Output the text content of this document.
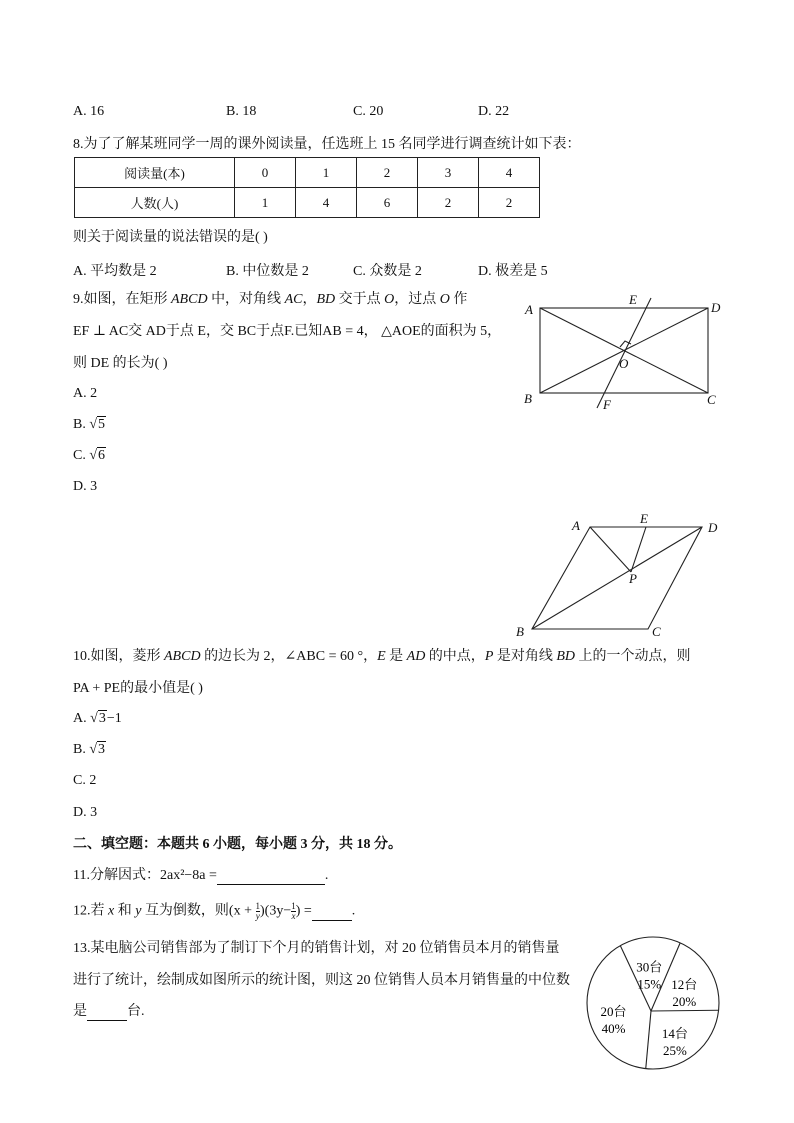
A. 16	B. 18	C. 20	D. 22
8.为了了解某班同学一周的课外阅读量，任选班上 15 名同学进行调查统计如下表：
阅读量(本)	0	1	2	3	4
人数(人)	1	4	6	2	2
则关于阅读量的说法错误的是( )
A. 平均数是 2	B. 中位数是 2	C. 众数是 2	D. 极差是 5
9.如图，在矩形 ABCD 中，对角线 AC，BD 交于点 O，过点 O 作
EF ⊥ AC交 AD于点 E，交 BC于点F.已知AB = 4， △AOE的面积为 5，
则 DE 的长为( )
A. 2
B. √5
C. √6
D. 3
A
E
D
O
B	F	C
A	E
D
P
B	C
10.如图，菱形 ABCD 的边长为 2，∠ABC = 60 °，E 是 AD 的中点，P 是对角线 BD 上的一个动点，则
PA + PE的最小值是( )
A. √3−1
B. √3
C. 2
D. 3
二、填空题：本题共 6 小题，每小题 3 分，共 18 分。
11.分解因式：2ax²−8a =	.
12.若 x 和 y 互为倒数，则$(x + \frac{1}{y} )(3y- \frac{1}{x}$ ) =	.
13.某电脑公司销售部为了制订下个月的销售计划，对 20 位销售员本月的销售量
进行了统计，绘制成如图所示的统计图，则这 20 位销售人员本月销售量的中位数
是	台.
30台
15% 12台
20%
14台
25%
20台
40%
